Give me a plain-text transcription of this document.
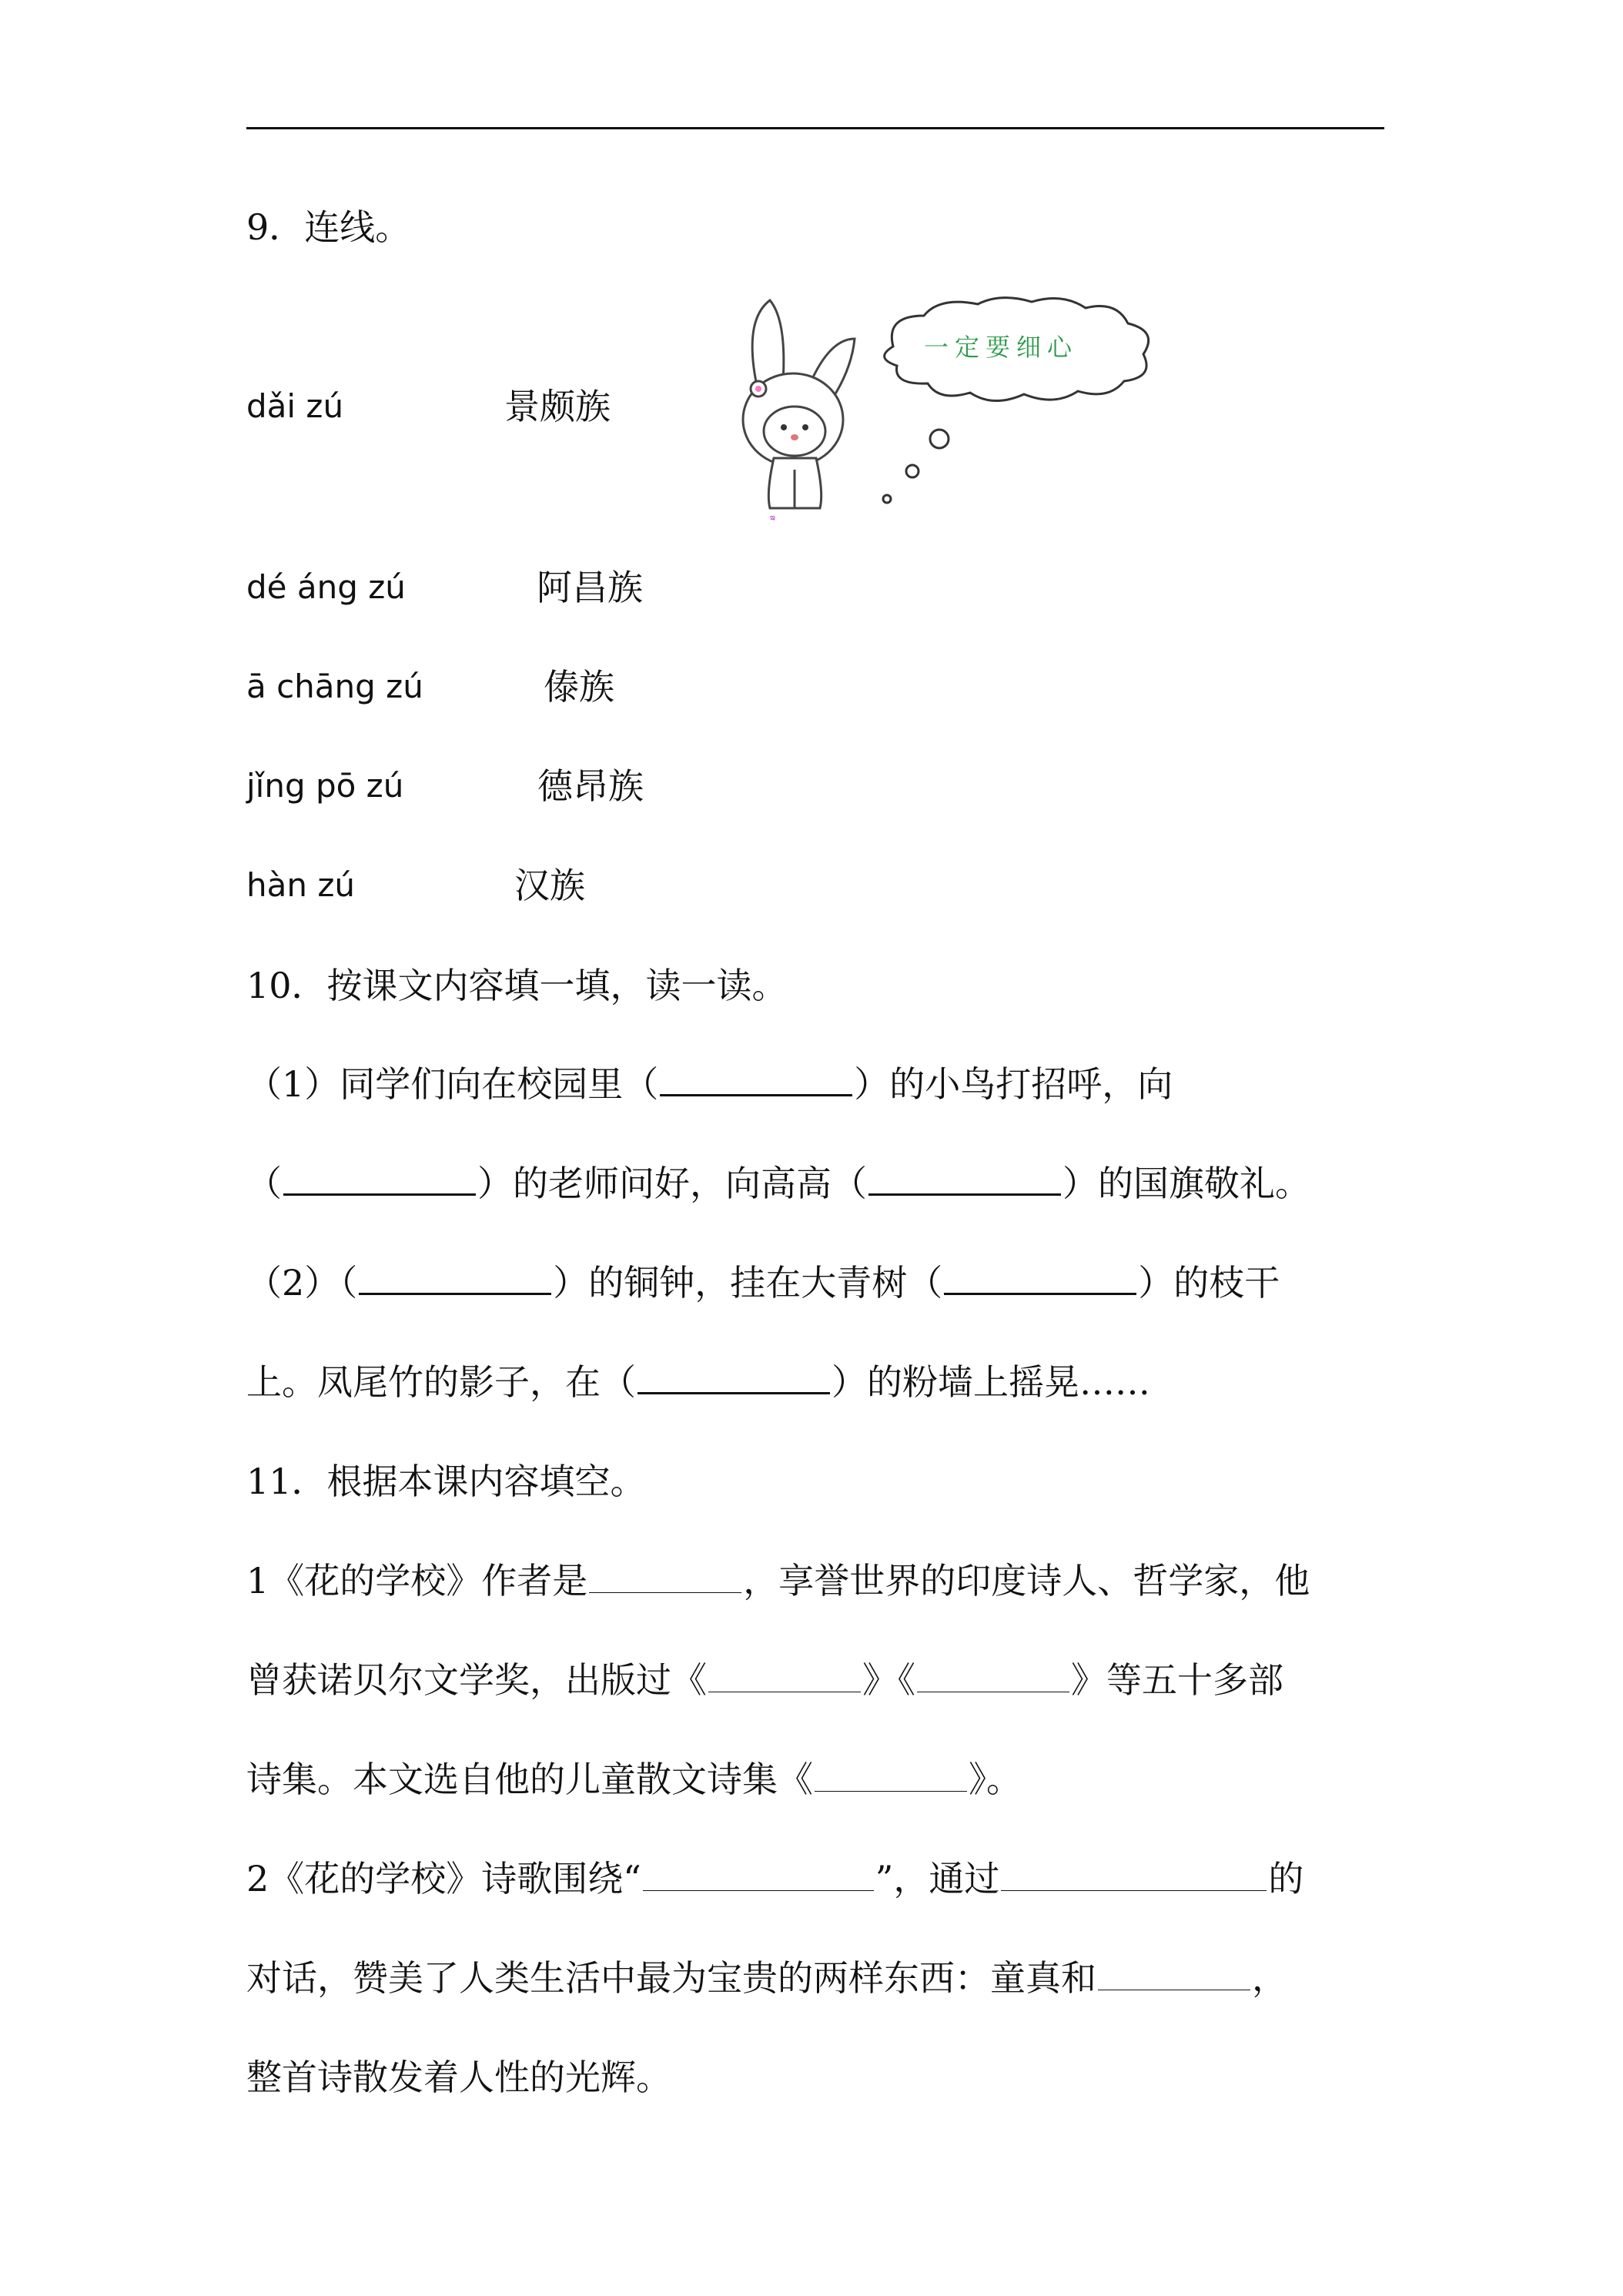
9．连线。
dǎi zú	景颇族
dé áng zú	阿昌族
ā chāng zú	傣族
jǐng pō zú	德昂族
hàn zú	汉族
ఇ
一定要细心
10．按课文内容填一填，读一读。
（1）同学们向在校园里（	）的小鸟打招呼，向
（	）的老师问好，向高高（	）的国旗敬礼。
（2）（	）的铜钟，挂在大青树（	）的枝干
上。凤尾竹的影子，在（	）的粉墙上摇晃……
11．根据本课内容填空。
1《花的学校》作者是	，享誉世界的印度诗人、哲学家，他
曾获诺贝尔文学奖，出版过《	》《	》等五十多部
诗集。本文选自他的儿童散文诗集《	》。
2《花的学校》诗歌围绕“	”，通过	的
对话，赞美了人类生活中最为宝贵的两样东西：童真和	，
整首诗散发着人性的光辉。
